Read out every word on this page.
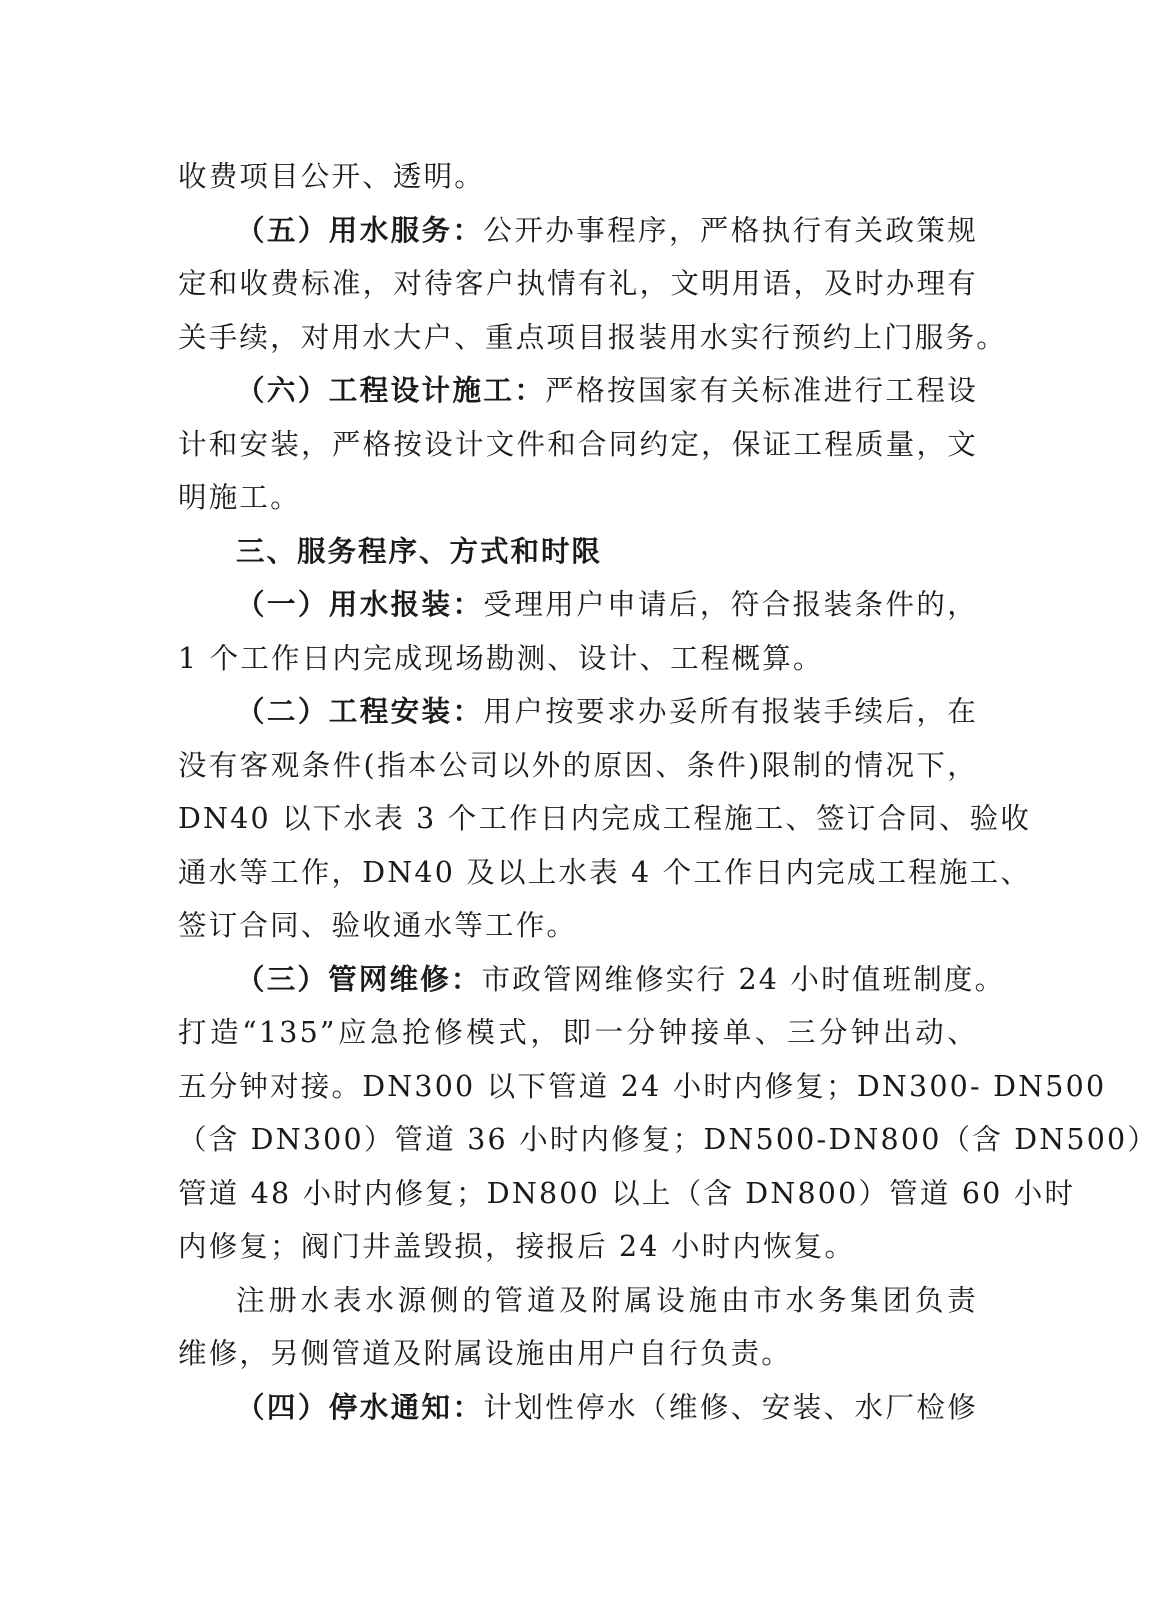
收费项目公开、透明。
（五）用水服务：公开办事程序，严格执行有关政策规
定和收费标准，对待客户执情有礼，文明用语，及时办理有
关手续，对用水大户、重点项目报装用水实行预约上门服务。
（六）工程设计施工：严格按国家有关标准进行工程设
计和安装，严格按设计文件和合同约定，保证工程质量，文
明施工。
三、服务程序、方式和时限
（一）用水报装：受理用户申请后，符合报装条件的，
1 个工作日内完成现场勘测、设计、工程概算。
（二）工程安装：用户按要求办妥所有报装手续后，在
没有客观条件(指本公司以外的原因、条件)限制的情况下，
DN40 以下水表 3 个工作日内完成工程施工、签订合同、验收
通水等工作，DN40 及以上水表 4 个工作日内完成工程施工、
签订合同、验收通水等工作。
（三）管网维修：市政管网维修实行 24 小时值班制度。
打造“135”应急抢修模式，即一分钟接单、三分钟出动、
五分钟对接。DN300 以下管道 24 小时内修复；DN300- DN500
（含 DN300）管道 36 小时内修复；DN500-DN800（含 DN500）
管道 48 小时内修复；DN800 以上（含 DN800）管道 60 小时
内修复；阀门井盖毁损，接报后 24 小时内恢复。
注册水表水源侧的管道及附属设施由市水务集团负责
维修，另侧管道及附属设施由用户自行负责。
（四）停水通知：计划性停水（维修、安装、水厂检修
